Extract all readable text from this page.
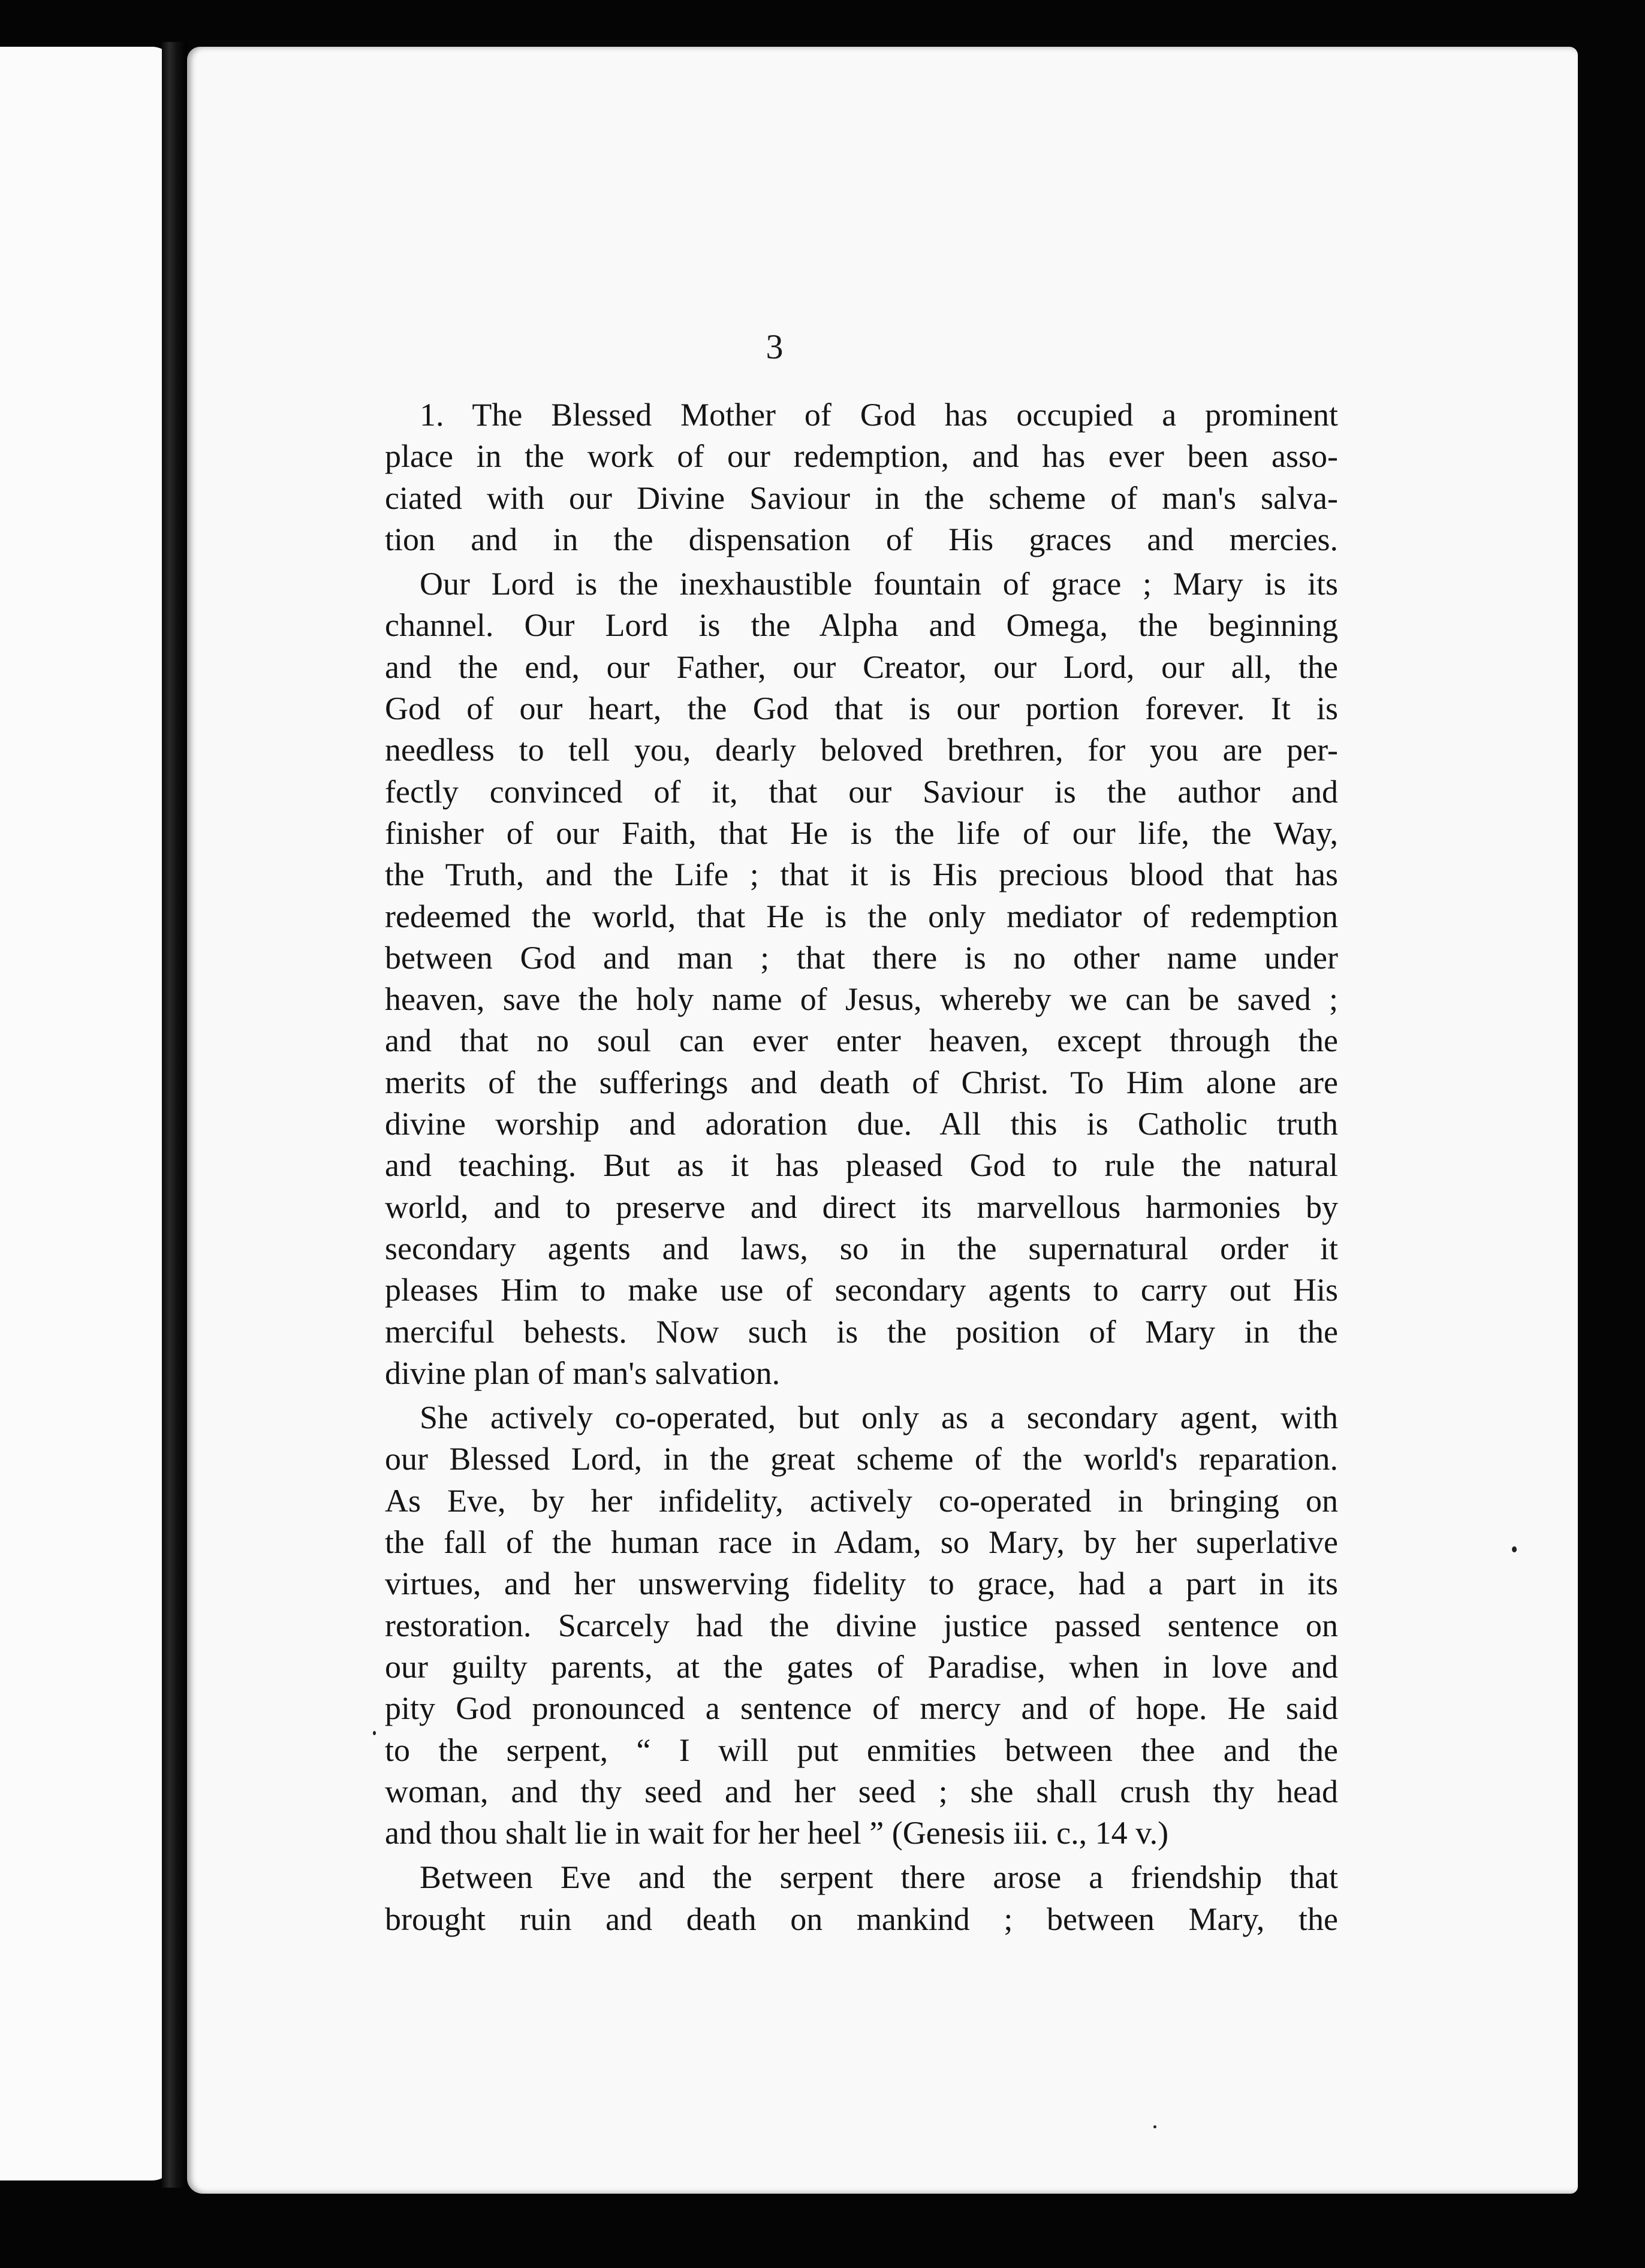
3

1. The Blessed Mother of God has occupied a prominent
place in the work of our redemption, and has ever been asso-
ciated with our Divine Saviour in the scheme of man's salva-
tion and in the dispensation of His graces and mercies.

Our Lord is the inexhaustible fountain of grace ; Mary is its
channel. Our Lord is the Alpha and Omega, the beginning
and the end, our Father, our Creator, our Lord, our all, the
God of our heart, the God that is our portion forever. It is
needless to tell you, dearly beloved brethren, for you are per-
fectly convinced of it, that our Saviour is the author and
finisher of our Faith, that He is the life of our life, the Way,
the Truth, and the Life ; that it is His precious blood that has
redeemed the world, that He is the only mediator of redemption
between God and man ; that there is no other name under
heaven, save the holy name of Jesus, whereby we can be saved ;
and that no soul can ever enter heaven, except through the
merits of the sufferings and death of Christ. To Him alone are
divine worship and adoration due. All this is Catholic truth
and teaching. But as it has pleased God to rule the natural
world, and to preserve and direct its marvellous harmonies by
secondary agents and laws, so in the supernatural order it
pleases Him to make use of secondary agents to carry out His
merciful behests. Now such is the position of Mary in the
divine plan of man's salvation.

She actively co-operated, but only as a secondary agent, with
our Blessed Lord, in the great scheme of the world's reparation.
As Eve, by her infidelity, actively co-operated in bringing on
the fall of the human race in Adam, so Mary, by her superlative
virtues, and her unswerving fidelity to grace, had a part in its
restoration. Scarcely had the divine justice passed sentence on
our guilty parents, at the gates of Paradise, when in love and
pity God pronounced a sentence of mercy and of hope. He said
to the serpent, “ I will put enmities between thee and the
woman, and thy seed and her seed ; she shall crush thy head
and thou shalt lie in wait for her heel ” (Genesis iii. c., 14 v.)

Between Eve and the serpent there arose a friendship that
brought ruin and death on mankind ; between Mary, the
